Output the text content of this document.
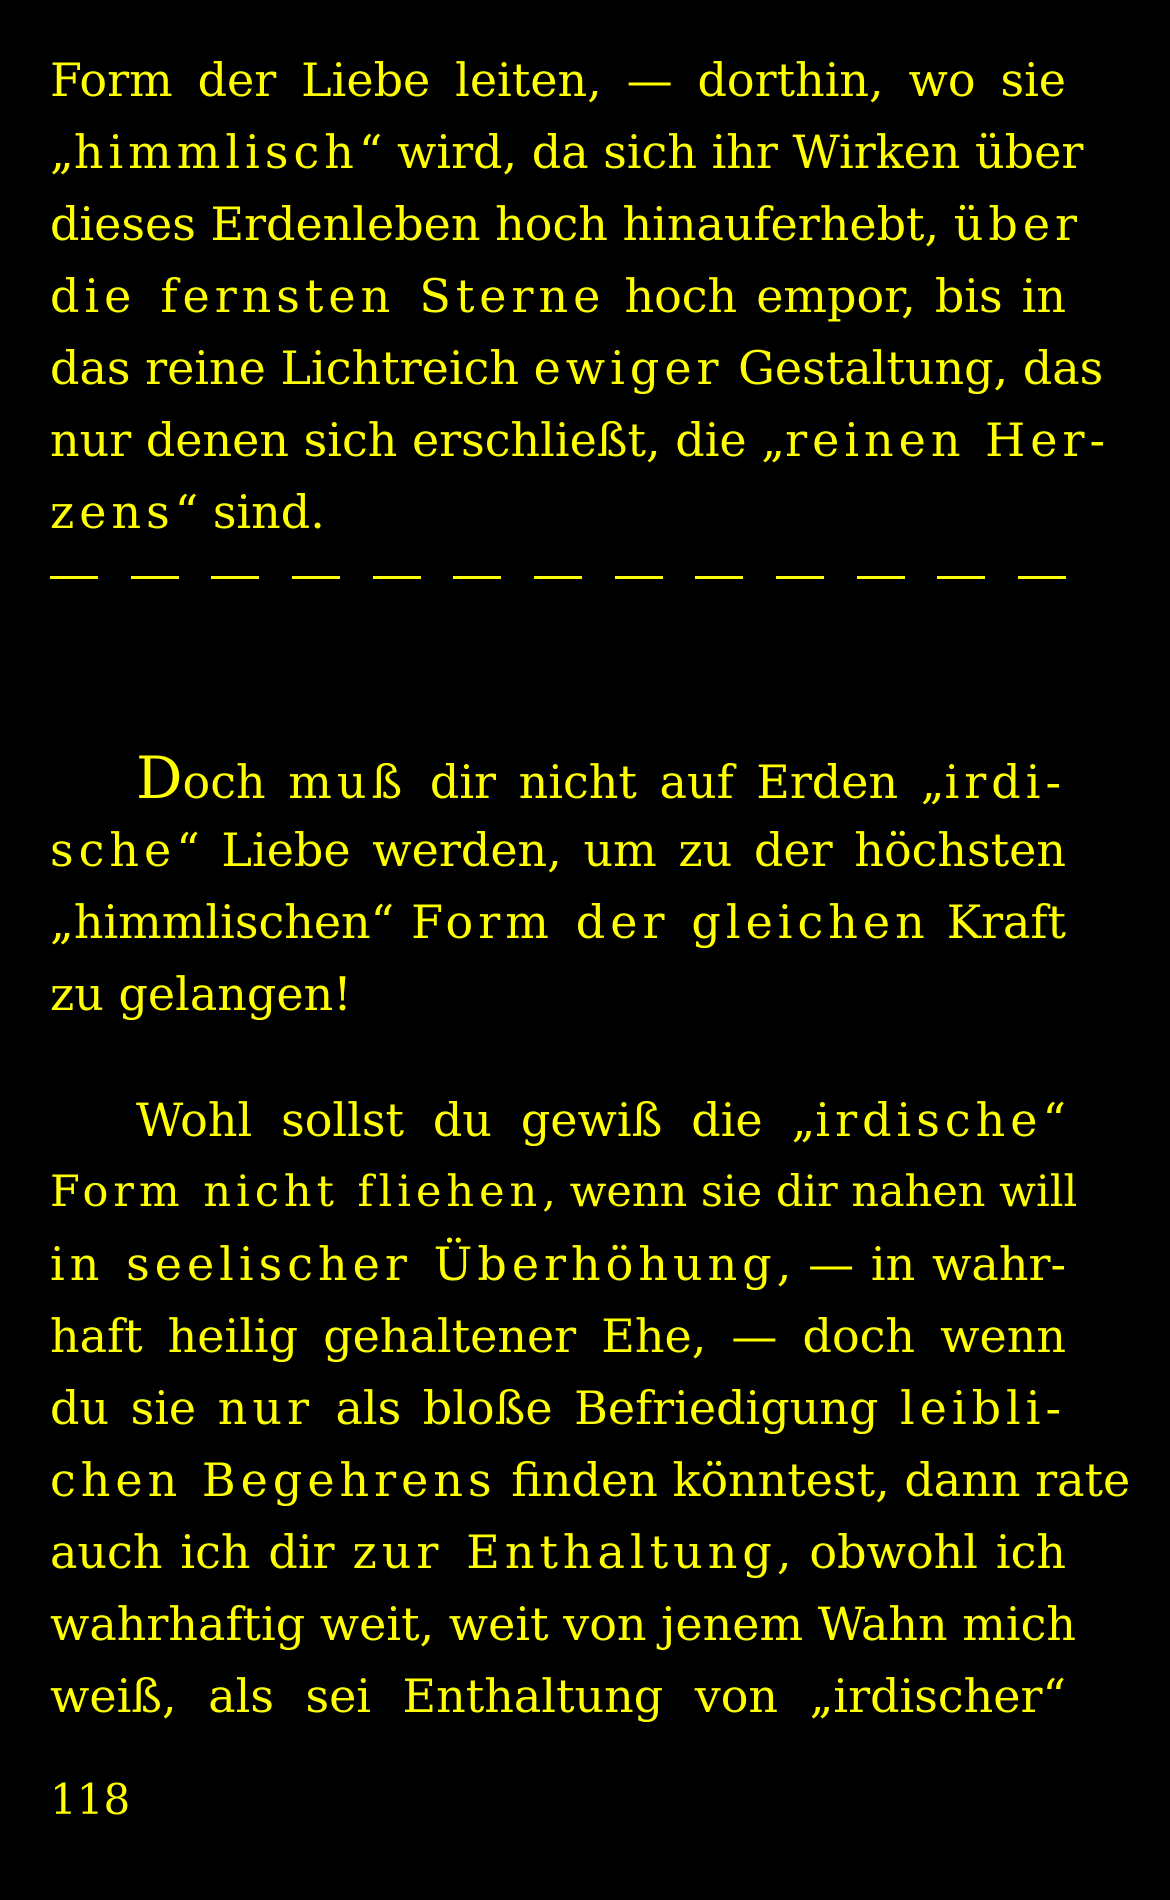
Form der Liebe leiten, — dorthin, wo sie
„himmlisch“ wird, da sich ihr Wirken über
dieses Erdenleben hoch hinauferhebt, über
die fernsten Sterne hoch empor, bis in
das reine Lichtreich ewiger Gestaltung, das
nur denen sich erschließt, die „reinen Her-
zens“ sind.
Doch muß dir nicht auf Erden „irdi-
sche“ Liebe werden, um zu der höchsten
„himmlischen“ Form der gleichen Kraft
zu gelangen!
Wohl sollst du gewiß die „irdische“
Form nicht fliehen, wenn sie dir nahen will
in seelischer Überhöhung, — in wahr-
haft heilig gehaltener Ehe, — doch wenn
du sie nur als bloße Befriedigung leibli-
chen Begehrens finden könntest, dann rate
auch ich dir zur Enthaltung, obwohl ich
wahrhaftig weit, weit von jenem Wahn mich
weiß, als sei Enthaltung von „irdischer“
118
